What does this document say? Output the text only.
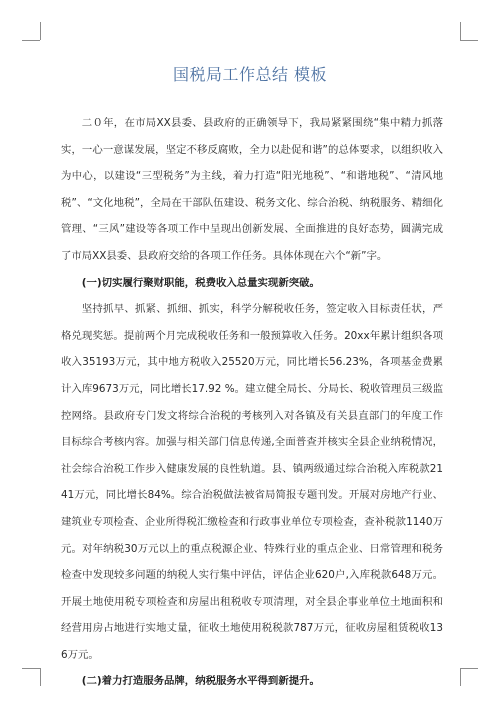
国税局工作总结 模板

二０年，在市局XX县委、县政府的正确领导下，我局紧紧围绕“集中精力抓落实，一心一意谋发展，坚定不移反腐败，全力以赴促和谐”的总体要求，以组织收入为中心，以建设“三型税务”为主线，着力打造“阳光地税”、“和谐地税”、“清风地税”、“文化地税”，全局在干部队伍建设、税务文化、综合治税、纳税服务、精细化管理、“三风”建设等各项工作中呈现出创新发展、全面推进的良好态势，圆满完成了市局XX县委、县政府交给的各项工作任务。具体体现在六个“新”字。

(一)切实履行聚财职能，税费收入总量实现新突破。

坚持抓早、抓紧、抓细、抓实，科学分解税收任务，签定收入目标责任状，严格兑现奖惩。提前两个月完成税收任务和一般预算收入任务。20xx年累计组织各项收入35193万元，其中地方税收入25520万元，同比增长56.23%，各项基金费累计入库9673万元，同比增长17.92 %。建立健全局长、分局长、税收管理员三级监控网络。县政府专门发文将综合治税的考核列入对各镇及有关县直部门的年度工作目标综合考核内容。加强与相关部门信息传递,全面普查并核实全县企业纳税情况，社会综合治税工作步入健康发展的良性轨道。县、镇两级通过综合治税入库税款2141万元，同比增长84%。综合治税做法被省局简报专题刊发。开展对房地产行业、建筑业专项检查、企业所得税汇缴检查和行政事业单位专项检查，查补税款1140万元。对年纳税30万元以上的重点税源企业、特殊行业的重点企业、日常管理和税务检查中发现较多问题的纳税人实行集中评估，评估企业620户,入库税款648万元。开展土地使用税专项检查和房屋出租税收专项清理，对全县企事业单位土地面积和经营用房占地进行实地丈量，征收土地使用税税款787万元，征收房屋租赁税收136万元。

(二)着力打造服务品牌，纳税服务水平得到新提升。
